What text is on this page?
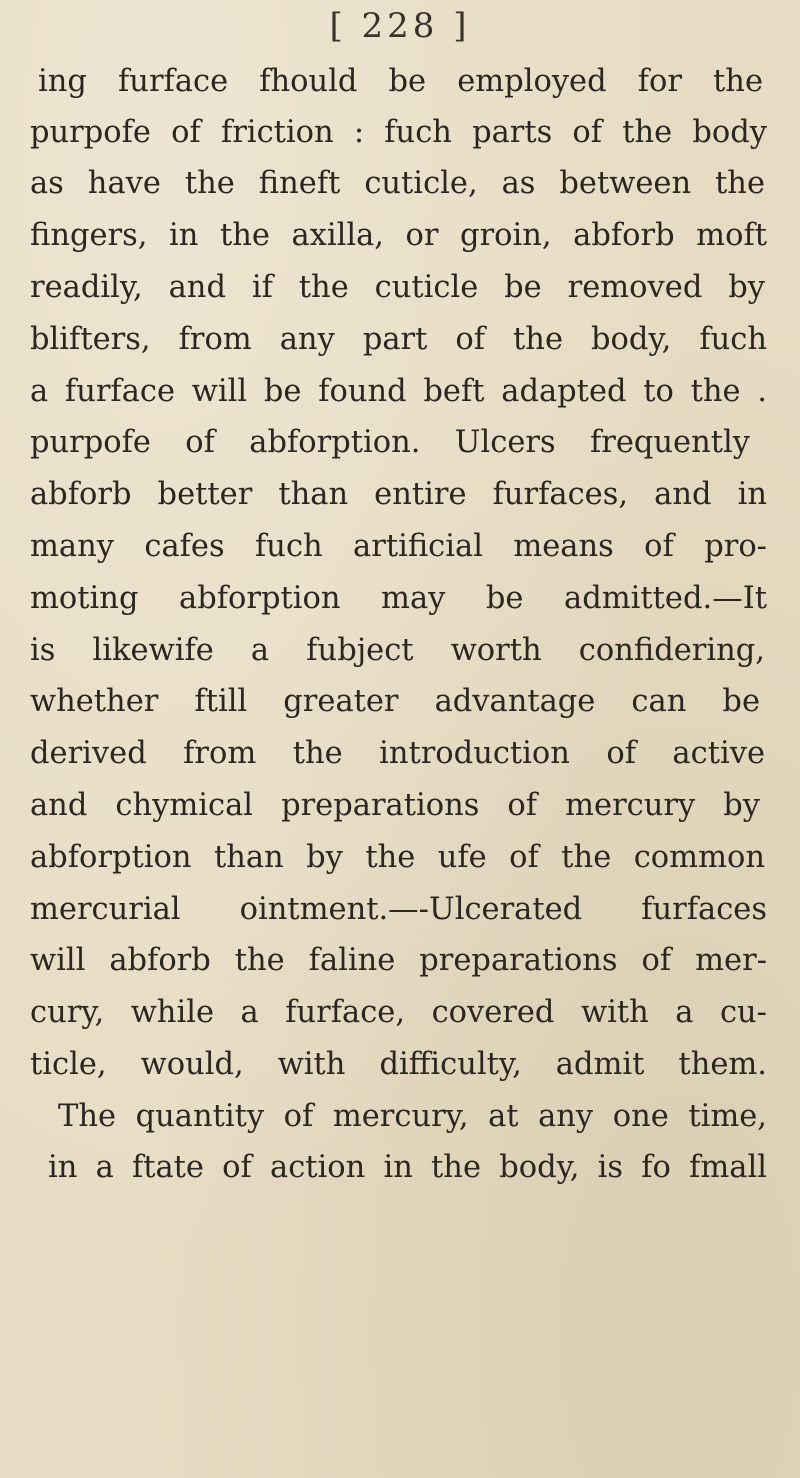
[ 228 ]
ing furface fhould be employed for the
purpofe of friction : fuch parts of the body
as have the fineft cuticle, as between the
fingers, in the axilla, or groin, abforb moft
readily, and if the cuticle be removed by
blifters, from any part of the body, fuch
a furface will be found beft adapted to the .
purpofe of abforption. Ulcers frequently
abforb better than entire furfaces, and in
many cafes fuch artificial means of pro-
moting abforption may be admitted.—It
is likewife a fubject worth confidering,
whether ftill greater advantage can be
derived from the introduction of active
and chymical preparations of mercury by
abforption than by the ufe of the common
mercurial ointment.—-Ulcerated furfaces
will abforb the faline preparations of mer-
cury, while a furface, covered with a cu-
ticle, would, with difficulty, admit them.
The quantity of mercury, at any one time,
in a ftate of action in the body, is fo fmall
